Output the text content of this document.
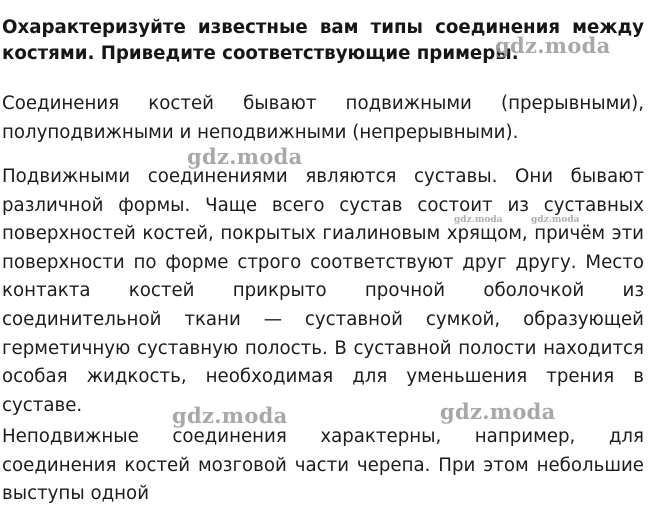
Охарактеризуйте известные вам типы соединения между костями. Приведите соответствующие примеры.
Соединения костей бывают подвижными (прерывными), полуподвижными и неподвижными (непрерывными).
Подвижными соединениями являются суставы. Они бывают различной формы. Чаще всего сустав состоит из суставных поверхностей костей, покрытых гиалиновым хрящом, причём эти поверхности по форме строго соответствуют друг другу. Место контакта костей прикрыто прочной оболочкой из соединительной ткани — суставной сумкой, образующей герметичную суставную полость. В суставной полости находится особая жидкость, необходимая для уменьшения трения в суставе.
Неподвижные соединения характерны, например, для соединения костей мозговой части черепа. При этом небольшие выступы одной
gdz.moda
gdz.moda
gdz.moda	gdz.moda
gdz.moda	gdz.moda
